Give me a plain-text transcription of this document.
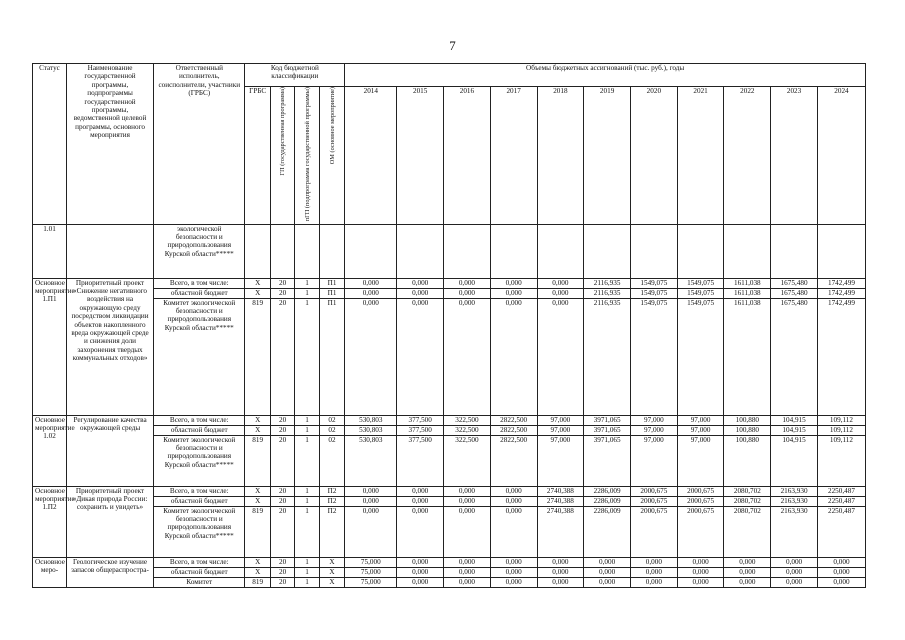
7
Статус	Наименование государственной программы, подпрограммы государственной программы, ведомственной целевой программы, основного мероприятия	Ответственный исполнитель, соисполнители, участники (ГРБС)	Код бюджетной классификации				Объемы бюджетных ассигнований (тыс. руб.), годы										
			ГРБС	ГП (государственная программа)	пГП (подпрограмма государственной программы)	ОМ (основное мероприятие)	2014	2015	2016	2017	2018	2019	2020	2021	2022	2023	2024
1.01		экологической безопасности и природопользования Курской области*****															
Основное мероприятие 1.П1	Приоритетный проект «Снижение негативного воздействия на окружающую среду посредством ликвидации объектов накопленного вреда окружающей среде и снижения доли захоронения твердых коммунальных отходов»	Всего, в том числе:	Х	20	1	П1	0,000	0,000	0,000	0,000	0,000	2116,935	1549,075	1549,075	1611,038	1675,480	1742,499
		областной бюджет	Х	20	1	П1	0,000	0,000	0,000	0,000	0,000	2116,935	1549,075	1549,075	1611,038	1675,480	1742,499
		Комитет экологической безопасности и природопользования Курской области*****	819	20	1	П1	0,000	0,000	0,000	0,000	0,000	2116,935	1549,075	1549,075	1611,038	1675,480	1742,499
Основное мероприятие 1.02	Регулирование качества окружающей среды	Всего, в том числе:	Х	20	1	02	530,803	377,500	322,500	2822,500	97,000	3971,065	97,000	97,000	100,880	104,915	109,112
		областной бюджет	Х	20	1	02	530,803	377,500	322,500	2822,500	97,000	3971,065	97,000	97,000	100,880	104,915	109,112
		Комитет экологической безопасности и природопользования Курской области*****	819	20	1	02	530,803	377,500	322,500	2822,500	97,000	3971,065	97,000	97,000	100,880	104,915	109,112
Основное мероприятие 1.П2	Приоритетный проект «Дикая природа России: сохранить и увидеть»	Всего, в том числе:	Х	20	1	П2	0,000	0,000	0,000	0,000	2740,388	2286,009	2000,675	2000,675	2080,702	2163,930	2250,487
		областной бюджет	Х	20	1	П2	0,000	0,000	0,000	0,000	2740,388	2286,009	2000,675	2000,675	2080,702	2163,930	2250,487
		Комитет экологической безопасности и природопользования Курской области*****	819	20	1	П2	0,000	0,000	0,000	0,000	2740,388	2286,009	2000,675	2000,675	2080,702	2163,930	2250,487
Основное меро-	Геологическое изучение запасов общераспростра-	Всего, в том числе:	Х	20	1	Х	75,000	0,000	0,000	0,000	0,000	0,000	0,000	0,000	0,000	0,000	0,000
		областной бюджет	Х	20	1	Х	75,000	0,000	0,000	0,000	0,000	0,000	0,000	0,000	0,000	0,000	0,000
		Комитет	819	20	1	Х	75,000	0,000	0,000	0,000	0,000	0,000	0,000	0,000	0,000	0,000	0,000
